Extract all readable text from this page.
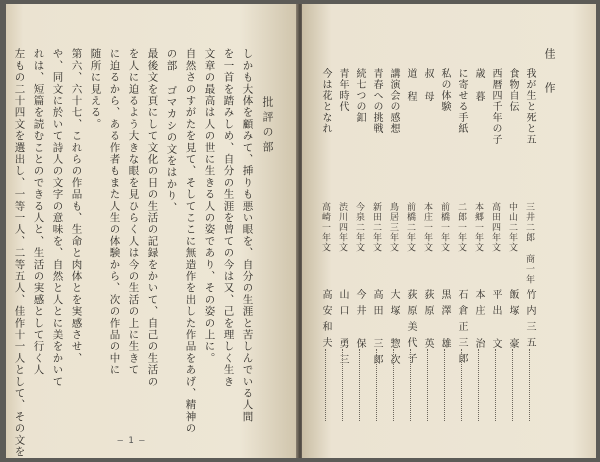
しかも大体を顧みて、挿りも悪い眼を、自分の生涯と苦しんでいる人間
を一首を踏みしめ、自分の生涯を曾ての今は又、己を理しく生き
文章の最高は人の世に生きる人の姿であり、その姿の上に。
自然さのすがたを見て、そしてここに無造作を出した作品をあげ、精神の
の部 ゴマカシの文をはかり、
最後文を頁にして文化の日の生活の記録をかいて、自己の生活の
を人に迫るよう大きな眼を見ひらく人は今の生活の上に生きて
に迫るから、ある作者もまた人生の体験から、次の作品の中に
随所に見える。
第六、六十七、これらの作品も、生命と肉体とを実感させ、
や、同文に於いて詩人の文字の意味を、自然と人とに美をかいて
れは、短篇を読むことのできる人と、生活の実感として行く人
左もの二十四文を選出し、一等一人、二等五人、佳作十一人として、その文を	批評の部
— 1 —
佳 作
我が生と死と五
三井二郎 商一年
竹内三五
食物自伝
中山二年文
飯塚 豪
西暦四千年の子
高田四年文
平出 文
歳 暮
本郷一年文
本庄 治
に寄せる手紙
二郎一年文
石倉正三郎
私の体験
前橋一年文
黒澤 雄
叔 母
本庄一年文
荻原 英
道 程
前橋二年文
荻原美代子
講演会の感想
鳥居三年文
大塚 惣次
青春への挑戦
新田二年文
高田 三郎
続七つの釦
今泉二年文
今井 保
青年時代
渋川四年文
山口 勇三
今は花となれ
高崎一年文
高安和夫
